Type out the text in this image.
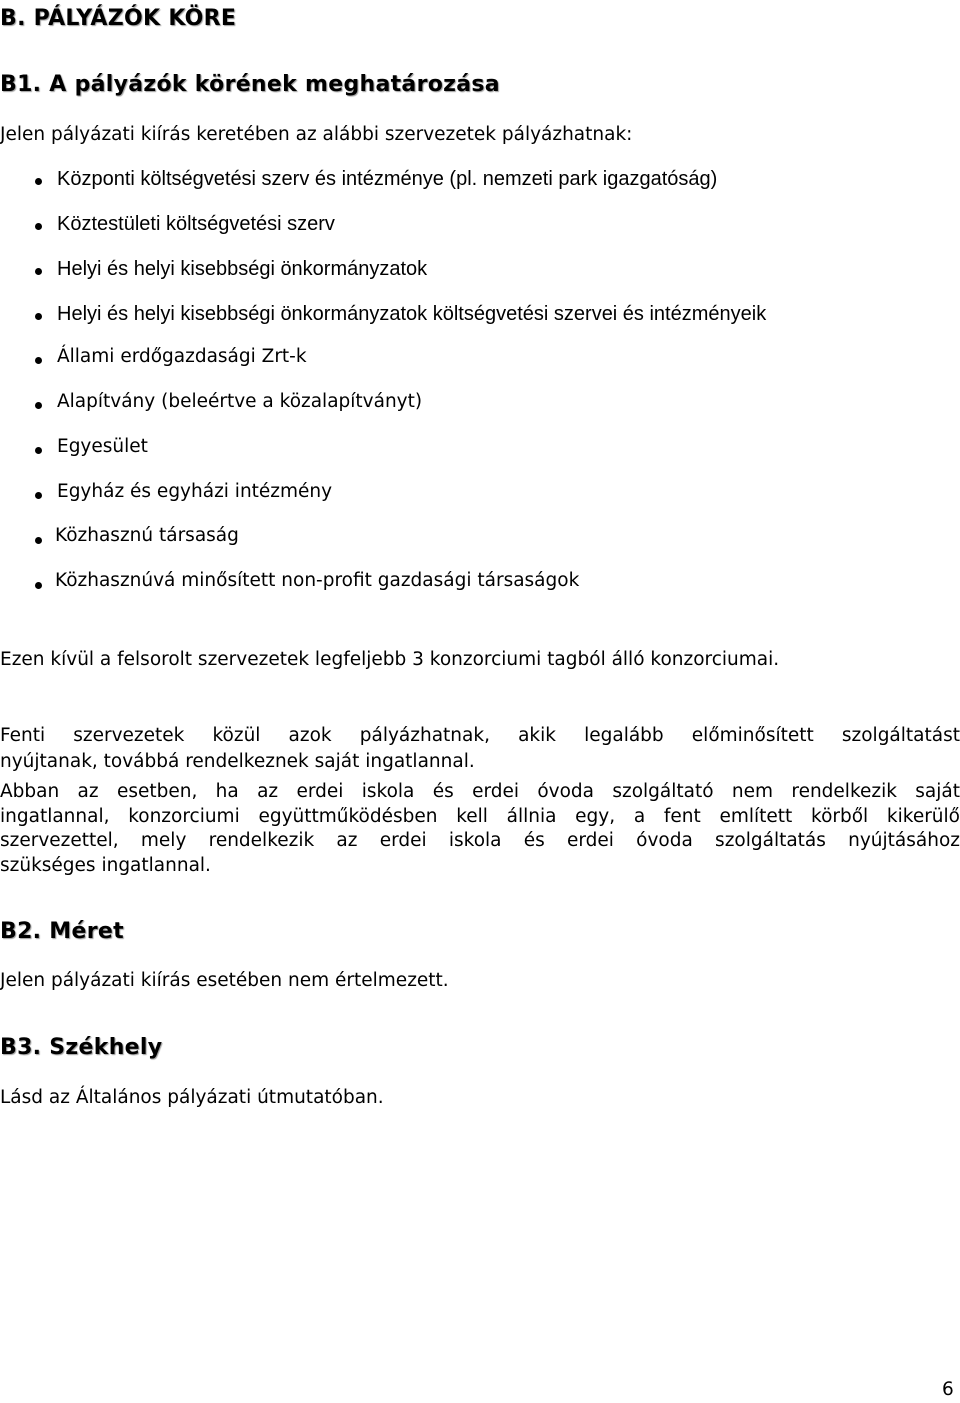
B. PÁLYÁZÓK KÖRE
B1. A pályázók körének meghatározása
Jelen pályázati kiírás keretében az alábbi szervezetek pályázhatnak:
Központi költségvetési szerv és intézménye (pl. nemzeti park igazgatóság)
Köztestületi költségvetési szerv
Helyi és helyi kisebbségi önkormányzatok
Helyi és helyi kisebbségi önkormányzatok költségvetési szervei és intézményeik
Állami erdőgazdasági Zrt-k
Alapítvány (beleértve a közalapítványt)
Egyesület
Egyház és egyházi intézmény
Közhasznú társaság
Közhasznúvá minősített non-profit gazdasági társaságok
Ezen kívül a felsorolt szervezetek legfeljebb 3 konzorciumi tagból álló konzorciumai.
Fenti szervezetek közül azok pályázhatnak, akik legalább előminősített szolgáltatást
nyújtanak, továbbá rendelkeznek saját ingatlannal.
Abban az esetben, ha az erdei iskola és erdei óvoda szolgáltató nem rendelkezik saját
ingatlannal, konzorciumi együttműködésben kell állnia egy, a fent említett körből kikerülő
szervezettel, mely rendelkezik az erdei iskola és erdei óvoda szolgáltatás nyújtásához
szükséges ingatlannal.
B2. Méret
Jelen pályázati kiírás esetében nem értelmezett.
B3. Székhely
Lásd az Általános pályázati útmutatóban.
6
